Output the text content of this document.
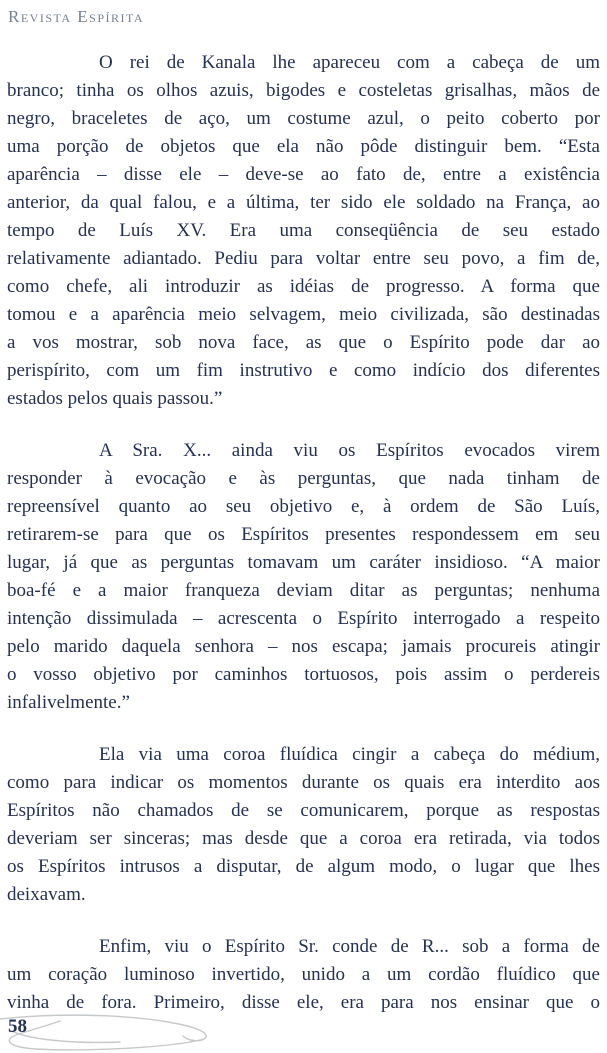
Revista Espírita
O rei de Kanala lhe apareceu com a cabeça de um
branco; tinha os olhos azuis, bigodes e costeletas grisalhas, mãos de
negro, braceletes de aço, um costume azul, o peito coberto por
uma porção de objetos que ela não pôde distinguir bem. “Esta
aparência – disse ele – deve-se ao fato de, entre a existência
anterior, da qual falou, e a última, ter sido ele soldado na França, ao
tempo de Luís XV. Era uma conseqüência de seu estado
relativamente adiantado. Pediu para voltar entre seu povo, a fim de,
como chefe, ali introduzir as idéias de progresso. A forma que
tomou e a aparência meio selvagem, meio civilizada, são destinadas
a vos mostrar, sob nova face, as que o Espírito pode dar ao
perispírito, com um fim instrutivo e como indício dos diferentes
estados pelos quais passou.”
A Sra. X... ainda viu os Espíritos evocados virem
responder à evocação e às perguntas, que nada tinham de
repreensível quanto ao seu objetivo e, à ordem de São Luís,
retirarem-se para que os Espíritos presentes respondessem em seu
lugar, já que as perguntas tomavam um caráter insidioso. “A maior
boa-fé e a maior franqueza deviam ditar as perguntas; nenhuma
intenção dissimulada – acrescenta o Espírito interrogado a respeito
pelo marido daquela senhora – nos escapa; jamais procureis atingir
o vosso objetivo por caminhos tortuosos, pois assim o perdereis
infalivelmente.”
Ela via uma coroa fluídica cingir a cabeça do médium,
como para indicar os momentos durante os quais era interdito aos
Espíritos não chamados de se comunicarem, porque as respostas
deveriam ser sinceras; mas desde que a coroa era retirada, via todos
os Espíritos intrusos a disputar, de algum modo, o lugar que lhes
deixavam.
Enfim, viu o Espírito Sr. conde de R... sob a forma de
um coração luminoso invertido, unido a um cordão fluídico que
vinha de fora. Primeiro, disse ele, era para nos ensinar que o
58
